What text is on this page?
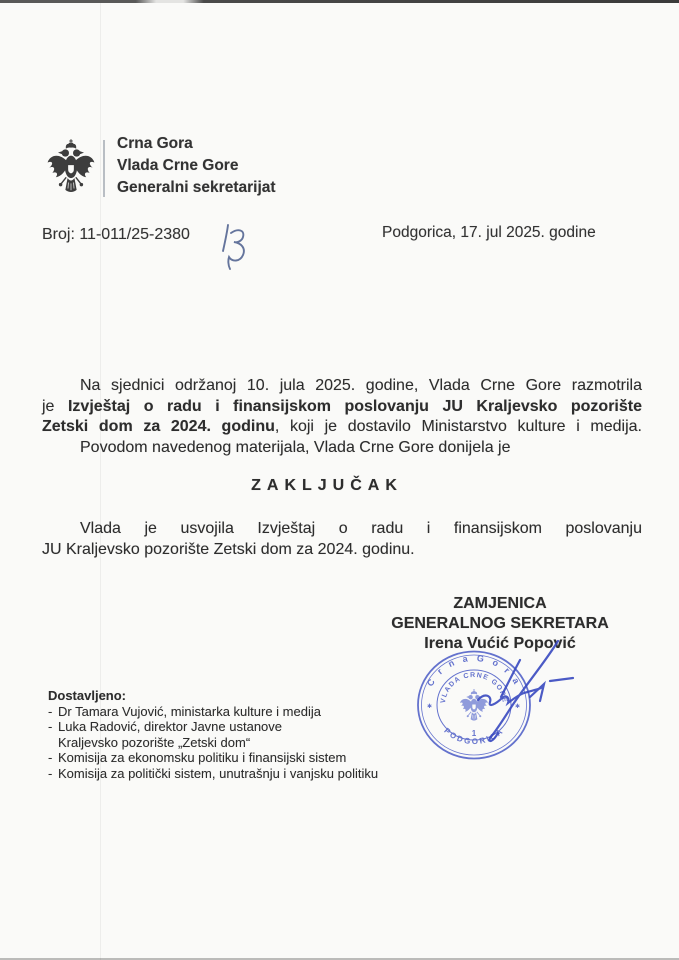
Crna Gora
Vlada Crne Gore
Generalni sekretarijat
Broj: 11-011/25-2380	Podgorica, 17. jul 2025. godine
Na sjednici održanoj 10. jula 2025. godine, Vlada Crne Gore razmotrila
je Izvještaj o radu i finansijskom poslovanju JU Kraljevsko pozorište
Zetski dom za 2024. godinu, koji je dostavilo Ministarstvo kulture i medija.
Povodom navedenog materijala, Vlada Crne Gore donijela je
ZAKLJUČAK
Vlada je usvojila Izvještaj o radu i finansijskom poslovanju
JU Kraljevsko pozorište Zetski dom za 2024. godinu.
ZAMJENICA
GENERALNOG SEKRETARA
Irena Vućić Popović
C r n a G o r a
PODGORICA
VLADA CRNE GORE
✱	✱
1
Dostavljeno:
- Dr Tamara Vujović, ministarka kulture i medija
- Luka Radović, direktor Javne ustanove
Kraljevsko pozorište „Zetski dom“
- Komisija za ekonomsku politiku i finansijski sistem
- Komisija za politički sistem, unutrašnju i vanjsku politiku
